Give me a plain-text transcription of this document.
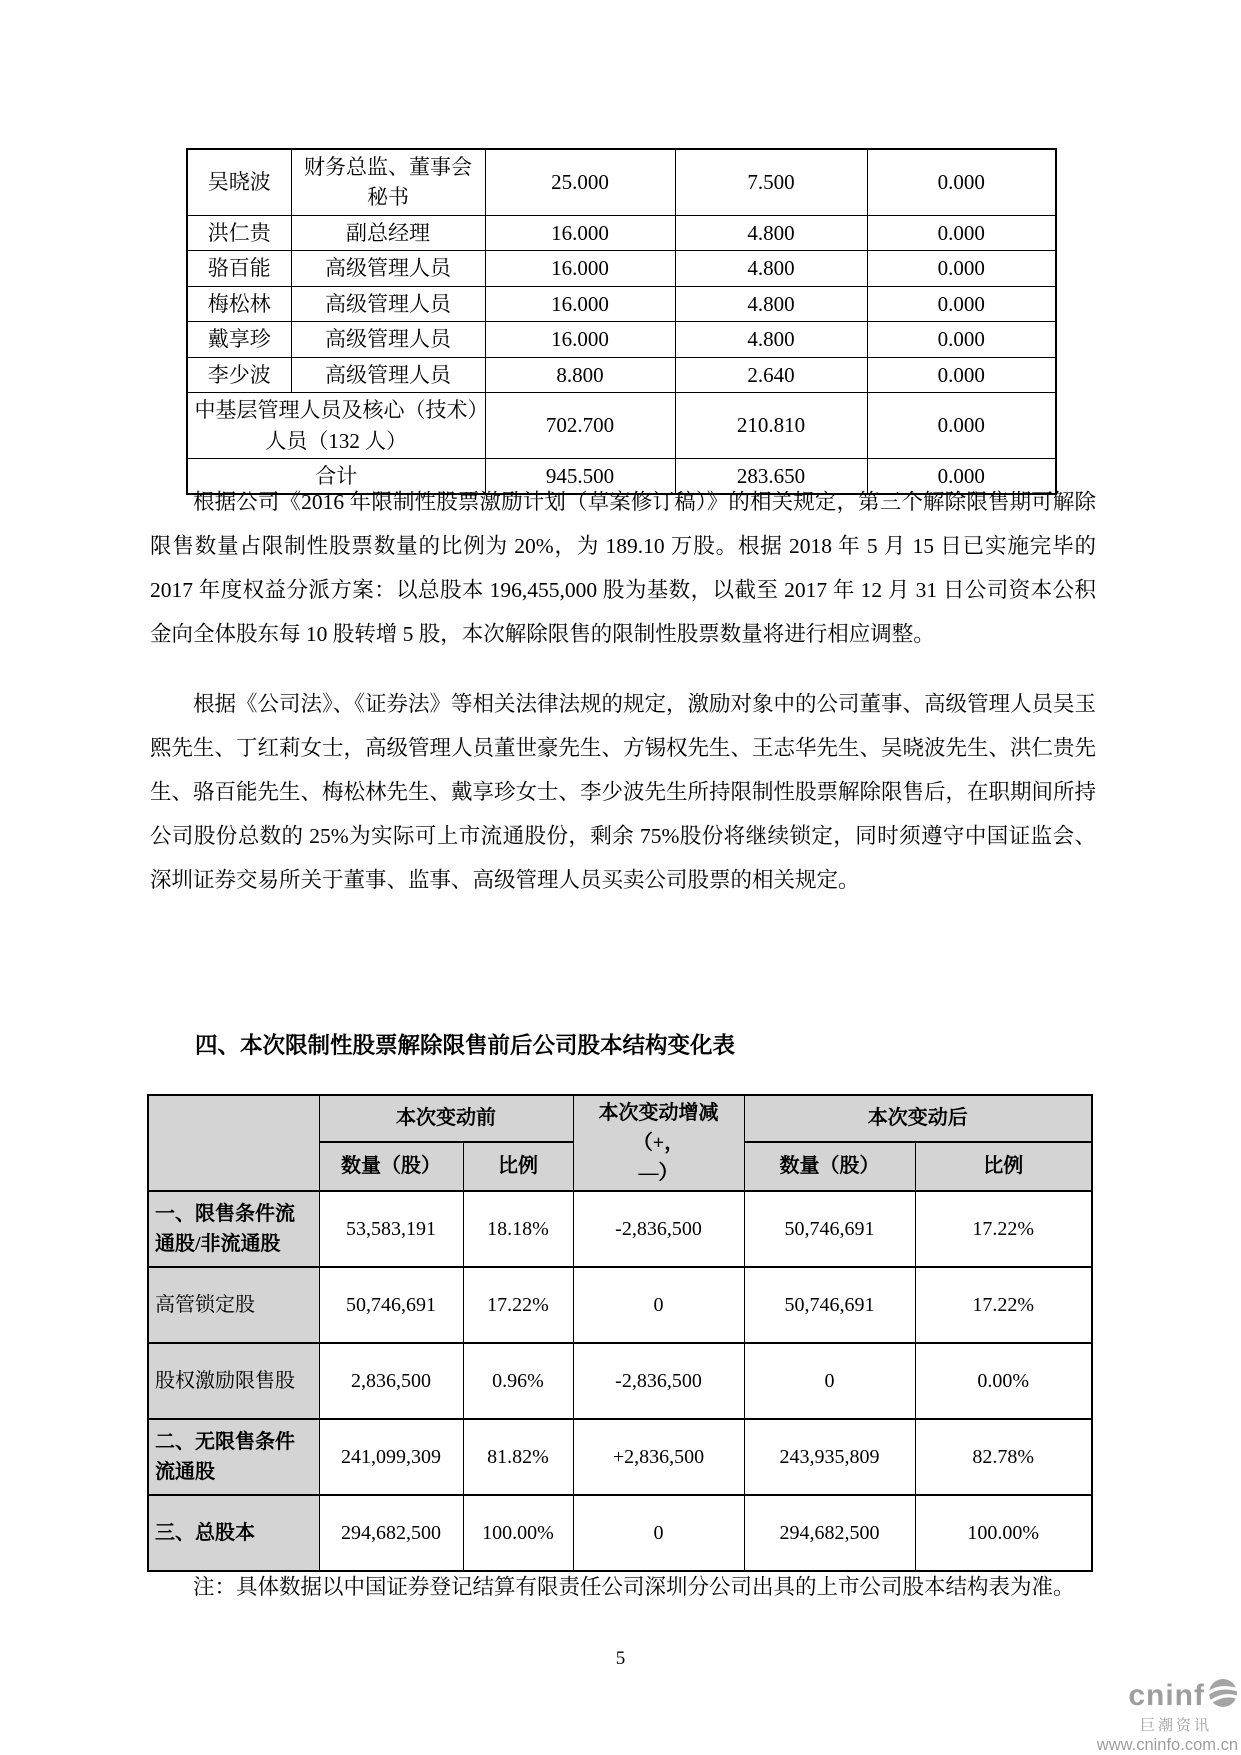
吴晓波	财务总监、董事会秘书	25.000	7.500	0.000
洪仁贵	副总经理	16.000	4.800	0.000
骆百能	高级管理人员	16.000	4.800	0.000
梅松林	高级管理人员	16.000	4.800	0.000
戴享珍	高级管理人员	16.000	4.800	0.000
李少波	高级管理人员	8.800	2.640	0.000
中基层管理人员及核心（技术）人员（132 人）		702.700	210.810	0.000
合计		945.500	283.650	0.000

根据公司《2016 年限制性股票激励计划（草案修订稿）》的相关规定，第三个解除限售期可解除限售数量占限制性股票数量的比例为 20%，为 189.10 万股。根据 2018 年 5 月 15 日已实施完毕的 2017 年度权益分派方案：以总股本 196,455,000 股为基数，以截至 2017 年 12 月 31 日公司资本公积金向全体股东每 10 股转增 5 股，本次解除限售的限制性股票数量将进行相应调整。

根据《公司法》、《证券法》等相关法律法规的规定，激励对象中的公司董事、高级管理人员吴玉熙先生、丁红莉女士，高级管理人员董世豪先生、方锡权先生、王志华先生、吴晓波先生、洪仁贵先生、骆百能先生、梅松林先生、戴享珍女士、李少波先生所持限制性股票解除限售后，在职期间所持公司股份总数的 25%为实际可上市流通股份，剩余 75%股份将继续锁定，同时须遵守中国证监会、深圳证券交易所关于董事、监事、高级管理人员买卖公司股票的相关规定。

四、本次限制性股票解除限售前后公司股本结构变化表
	本次变动前		本次变动增减（+，
—）	本次变动后	
	数量（股）	比例		数量（股）	比例
一、限售条件流通股/非流通股	53,583,191	18.18%	-2,836,500	50,746,691	17.22%
高管锁定股	50,746,691	17.22%	0	50,746,691	17.22%
股权激励限售股	2,836,500	0.96%	-2,836,500	0	0.00%
二、无限售条件流通股	241,099,309	81.82%	+2,836,500	243,935,809	82.78%
三、总股本	294,682,500	100.00%	0	294,682,500	100.00%

注：具体数据以中国证券登记结算有限责任公司深圳分公司出具的上市公司股本结构表为准。

5
cninf
巨潮资讯
www.cninfo.com.cn
